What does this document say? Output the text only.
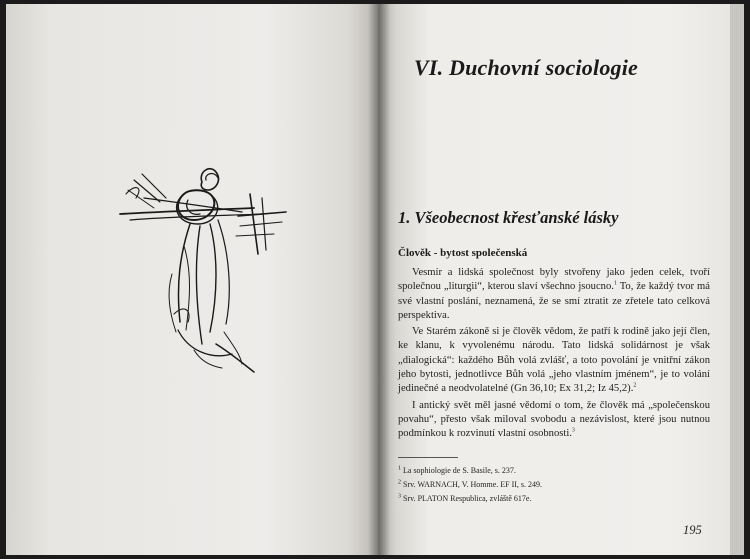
VI. Duchovní sociologie
1. Všeobecnost křesťanské lásky
Člověk - bytost společenská

Vesmír a lidská společnost byly stvořeny jako jeden celek, tvoří společnou „liturgii“, kterou slaví všechno jsoucno.$^1$ To, že každý tvor má své vlastní poslání, neznamená, že se smí ztratit ze zřetele tato celková perspektiva.

Ve Starém zákoně si je člověk vědom, že patří k rodině jako její člen, ke klanu, k vyvolenému národu. Tato lidská solidárnost je však „dialogická“: každého Bůh volá zvlášť, a toto povolání je vnitřní zákon jeho bytosti, jednotlivce Bůh volá „jeho vlastním jménem“, je to volání jedinečné a neodvolatelné (Gn 36,10; Ex 31,2; Iz 45,2).$^2$

I antický svět měl jasné vědomí o tom, že člověk má „společenskou povahu“, přesto však miloval svobodu a nezávislost, které jsou nutnou podmínkou k rozvinutí vlastní osobnosti.$^3$

$^1$ La sophiologie de S. Basile, s. 237.
$^2$ Srv. WARNACH, V. Homme. EF II, s. 249.
$^3$ Srv. PLATON Respublica, zvláště 617e.
195
